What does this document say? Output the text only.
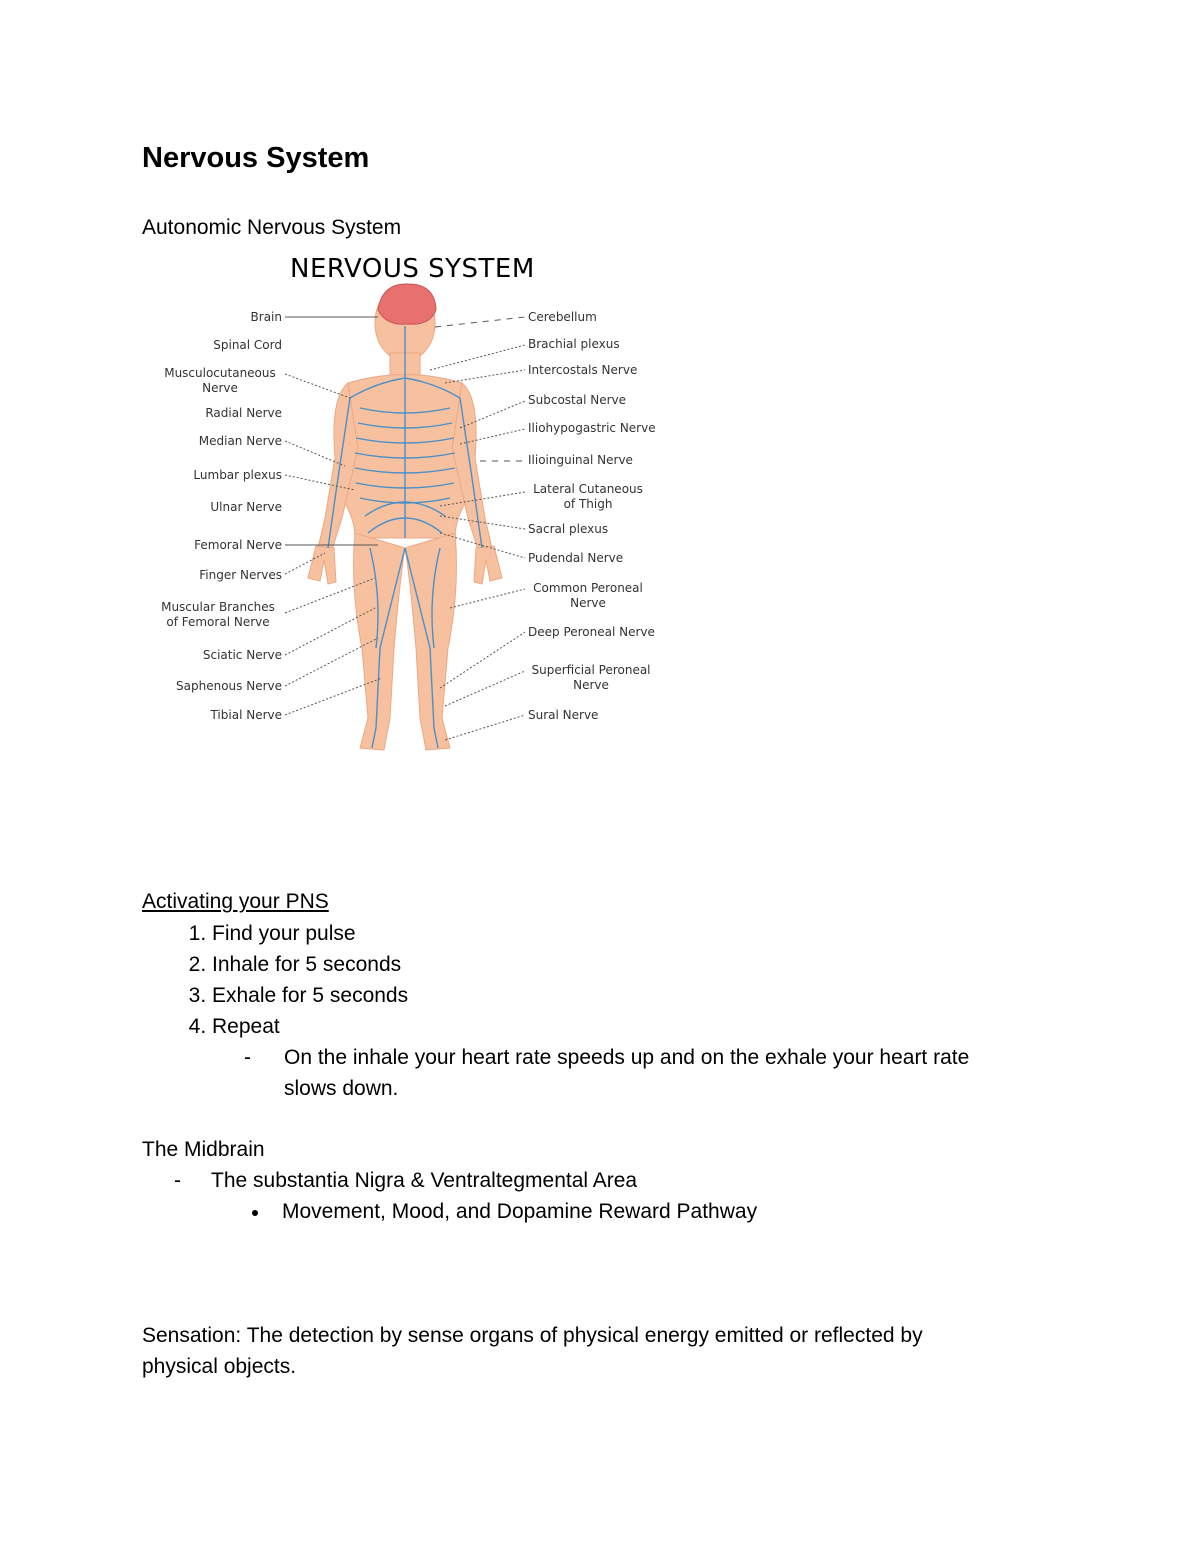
Nervous System
Autonomic Nervous System
NERVOUS SYSTEM
Brain
Spinal Cord
Musculocutaneous Nerve
Radial Nerve
Median Nerve
Lumbar plexus
Ulnar Nerve
Femoral Nerve
Finger Nerves
Muscular Branches of Femoral Nerve
Sciatic Nerve
Saphenous Nerve
Tibial Nerve
Cerebellum
Brachial plexus
Intercostals Nerve
Subcostal Nerve
Iliohypogastric Nerve
Ilioinguinal Nerve
Lateral Cutaneous of Thigh
Sacral plexus
Pudendal Nerve
Common Peroneal Nerve
Deep Peroneal Nerve
Superficial Peroneal Nerve
Sural Nerve
Activating your PNS
1. Find your pulse
2. Inhale for 5 seconds
3. Exhale for 5 seconds
4. Repeat
- On the inhale your heart rate speeds up and on the exhale your heart rate
slows down.
The Midbrain
- The substantia Nigra & Ventraltegmental Area
Movement, Mood, and Dopamine Reward Pathway
Sensation: The detection by sense organs of physical energy emitted or reflected by
physical objects.
